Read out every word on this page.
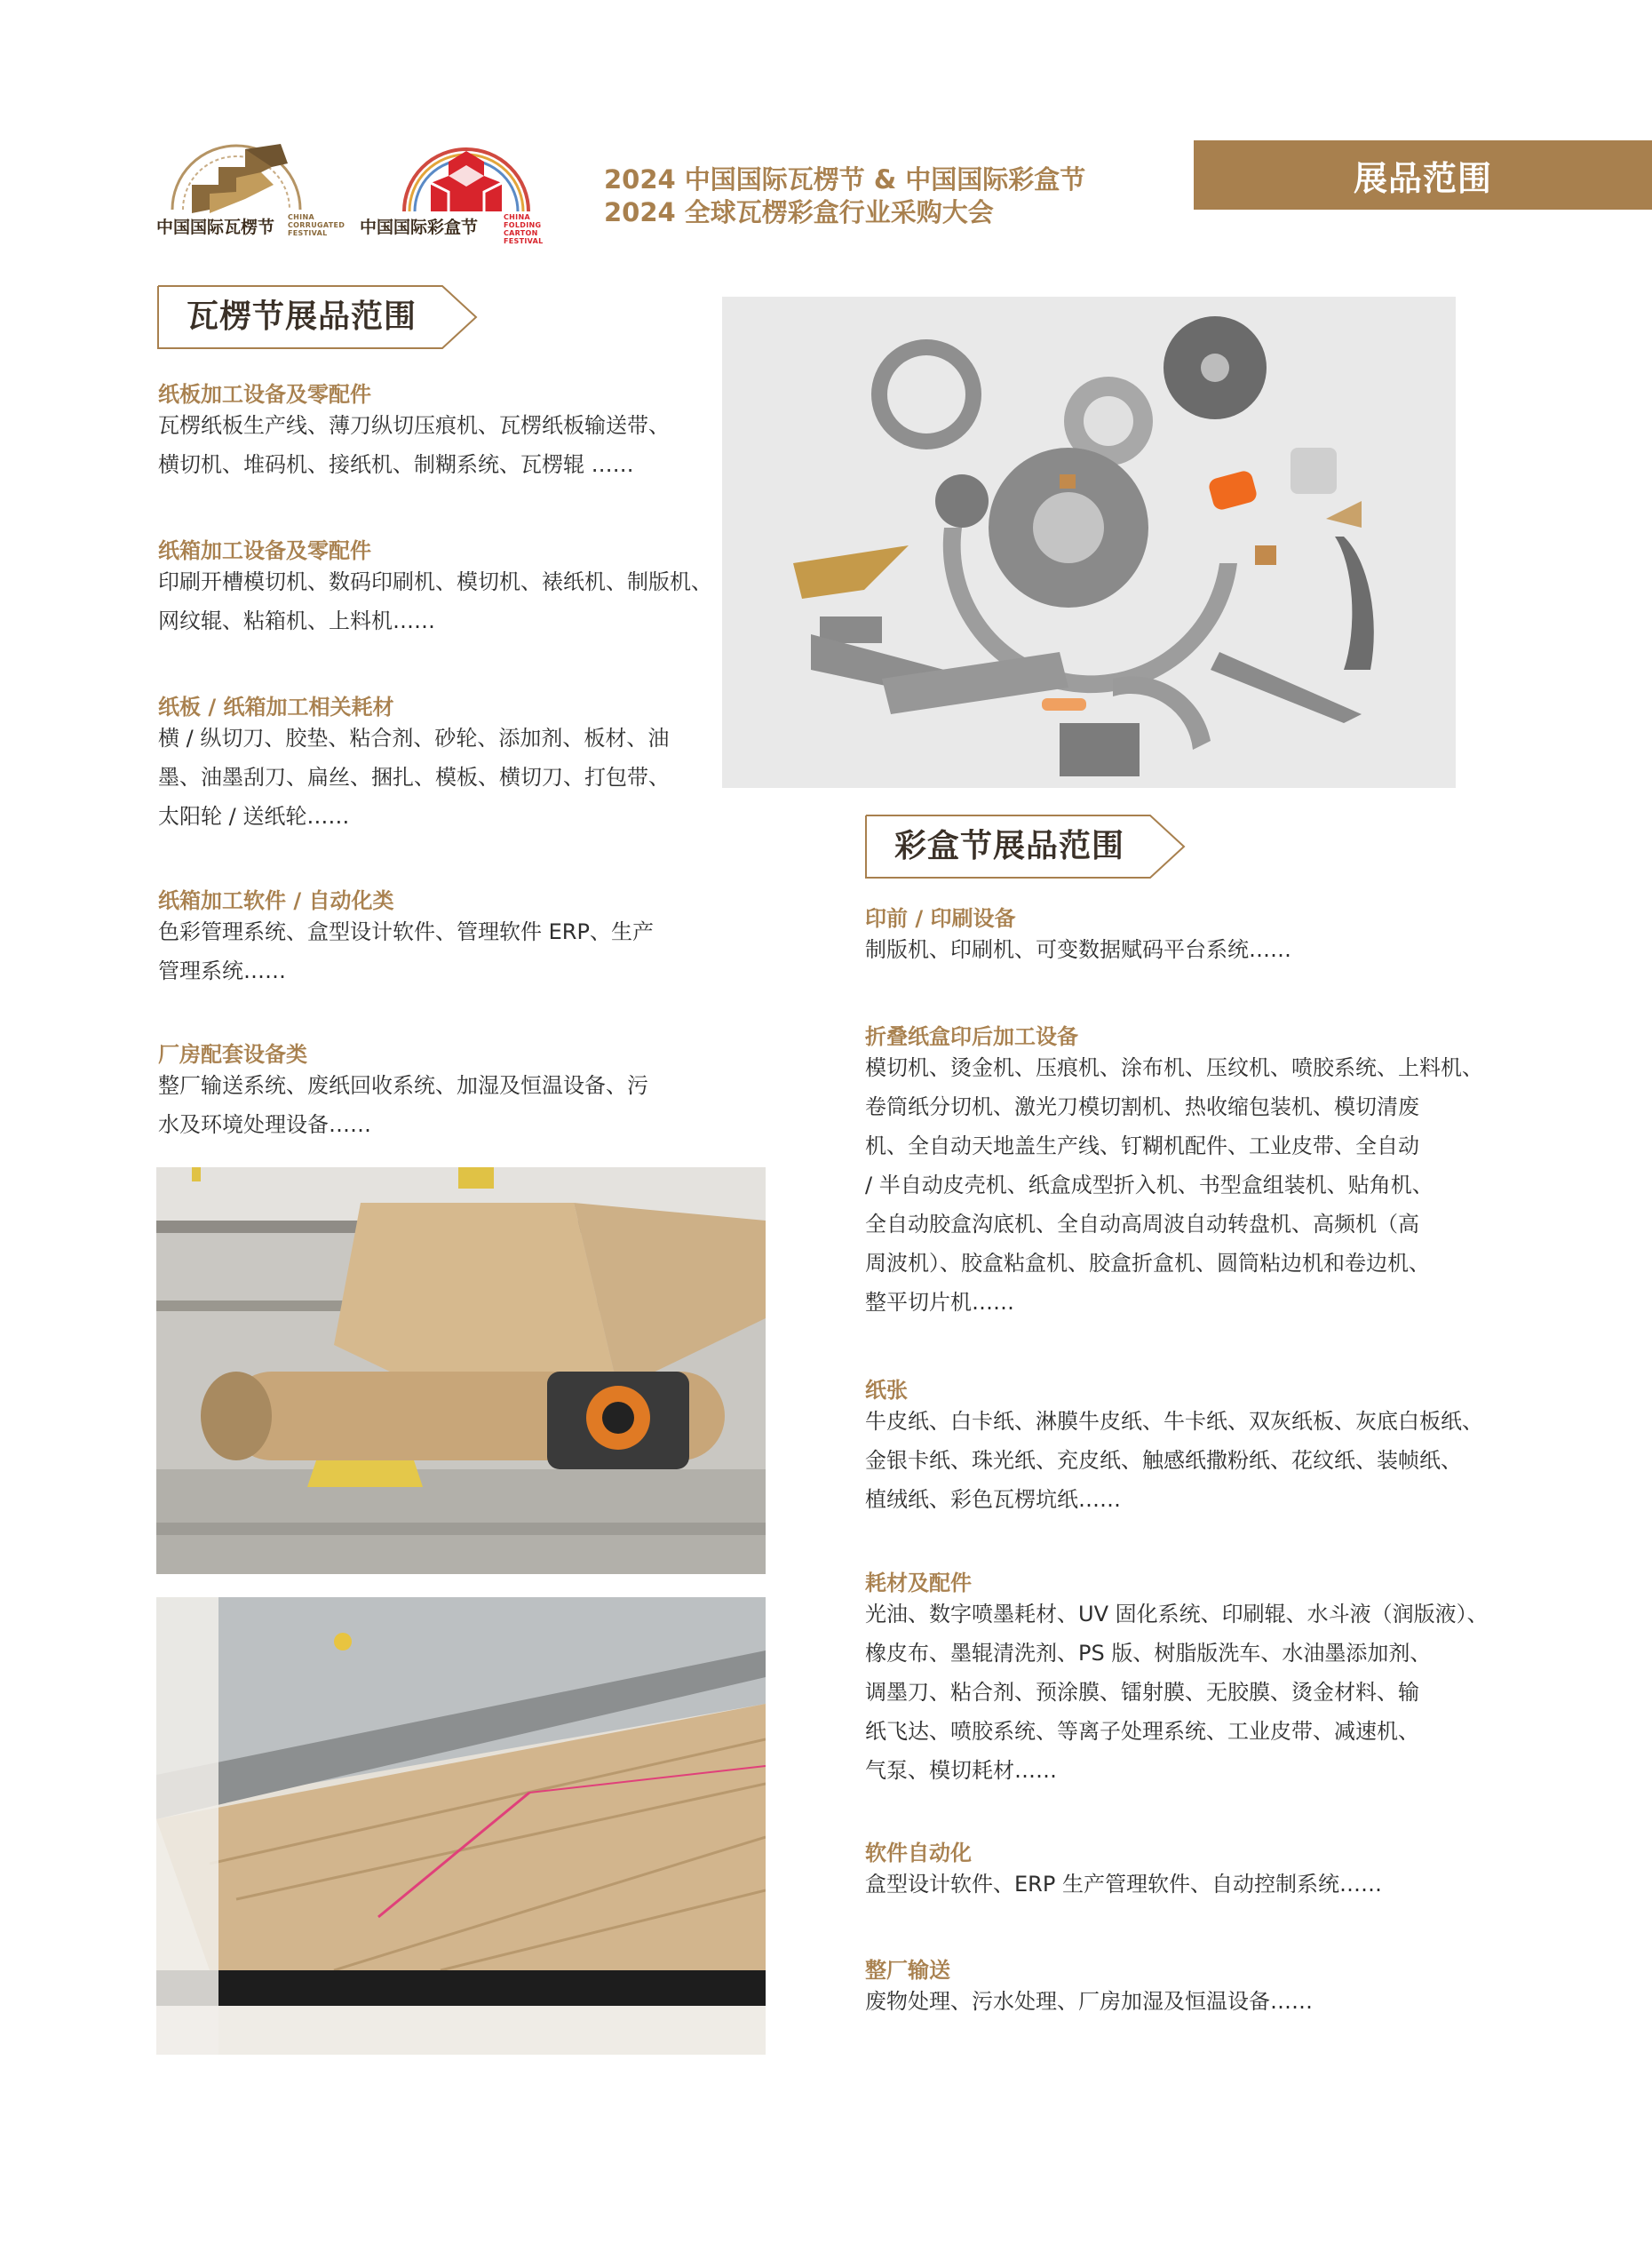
中国国际瓦楞节
CHINA
CORRUGATED
FESTIVAL	中国国际彩盒节
CHINA
FOLDING CARTON
FESTIVAL
2024 中国国际瓦楞节 & 中国国际彩盒节
2024 全球瓦楞彩盒行业采购大会
展品范围
瓦楞节展品范围
纸板加工设备及零配件
瓦楞纸板生产线、薄刀纵切压痕机、瓦楞纸板输送带、
横切机、堆码机、接纸机、制糊系统、瓦楞辊 ……
纸箱加工设备及零配件
印刷开槽模切机、数码印刷机、模切机、裱纸机、制版机、
网纹辊、粘箱机、上料机……
纸板 / 纸箱加工相关耗材
横 / 纵切刀、胶垫、粘合剂、砂轮、添加剂、板材、油
墨、油墨刮刀、扁丝、捆扎、模板、横切刀、打包带、
太阳轮 / 送纸轮……
纸箱加工软件 / 自动化类
色彩管理系统、盒型设计软件、管理软件 ERP、生产
管理系统……
厂房配套设备类
整厂输送系统、废纸回收系统、加湿及恒温设备、污
水及环境处理设备……
彩盒节展品范围
印前 / 印刷设备
制版机、印刷机、可变数据赋码平台系统……
折叠纸盒印后加工设备
模切机、烫金机、压痕机、涂布机、压纹机、喷胶系统、上料机、
卷筒纸分切机、激光刀模切割机、热收缩包装机、模切清废
机、全自动天地盖生产线、钉糊机配件、工业皮带、全自动
/ 半自动皮壳机、纸盒成型折入机、书型盒组装机、贴角机、
全自动胶盒沟底机、全自动高周波自动转盘机、高频机（高
周波机）、胶盒粘盒机、胶盒折盒机、圆筒粘边机和卷边机、
整平切片机……
纸张
牛皮纸、白卡纸、淋膜牛皮纸、牛卡纸、双灰纸板、灰底白板纸、
金银卡纸、珠光纸、充皮纸、触感纸撒粉纸、花纹纸、装帧纸、
植绒纸、彩色瓦楞坑纸……
耗材及配件
光油、数字喷墨耗材、UV 固化系统、印刷辊、水斗液（润版液）、
橡皮布、墨辊清洗剂、PS 版、树脂版洗车、水油墨添加剂、
调墨刀、粘合剂、预涂膜、镭射膜、无胶膜、烫金材料、输
纸飞达、喷胶系统、等离子处理系统、工业皮带、减速机、
气泵、模切耗材……
软件自动化
盒型设计软件、ERP 生产管理软件、自动控制系统……
整厂输送
废物处理、污水处理、厂房加湿及恒温设备……
